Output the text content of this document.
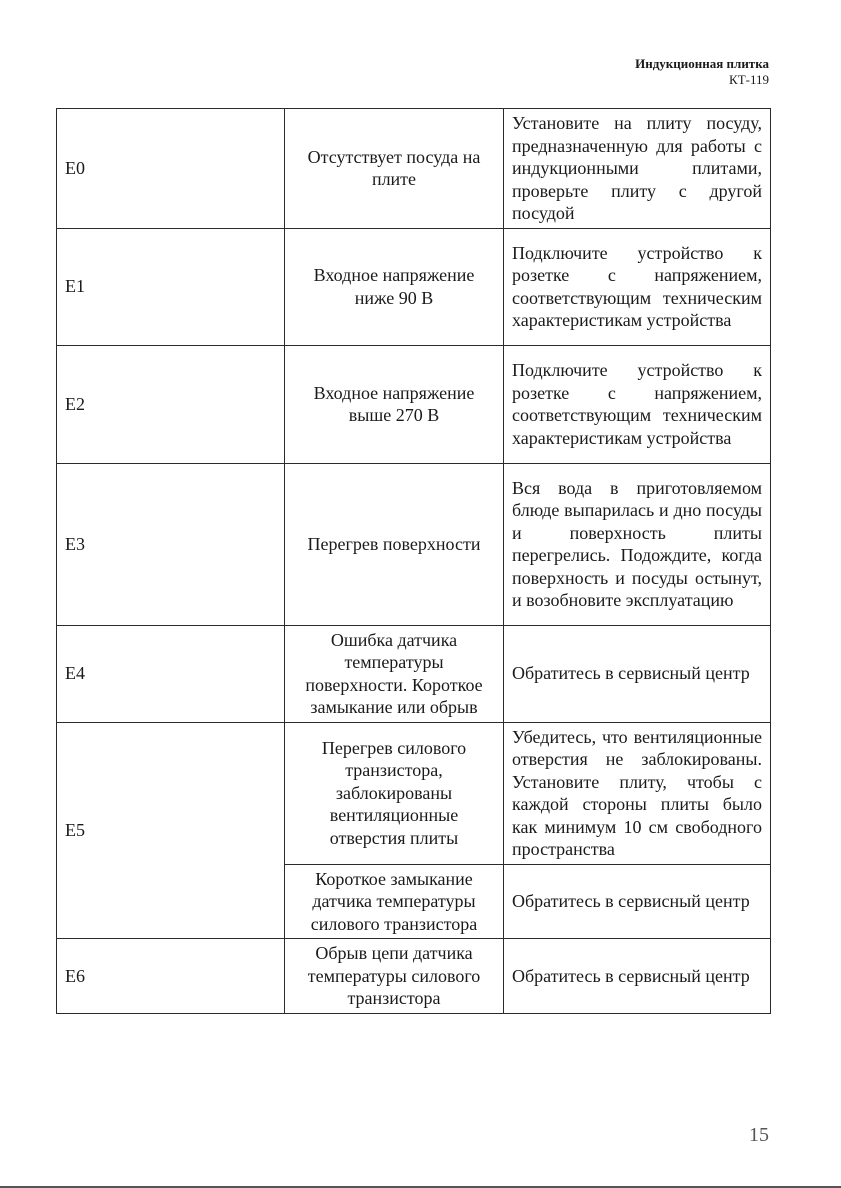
Индукционная плитка
КТ-119
E0	Отсутствует посуда на плите	Установите на плиту посуду, предназначенную для работы с индукционными плитами, проверьте плиту с другой посудой
E1	Входное напряжение ниже 90 В	Подключите устройство к розетке с напряжением, соответствующим техническим характеристикам устройства
E2	Входное напряжение выше 270 В	Подключите устройство к розетке с напряжением, соответствующим техническим характеристикам устройства
E3	Перегрев поверхности	Вся вода в приготовляемом блюде выпарилась и дно посуды и поверхность плиты перегрелись. Подождите, когда поверхность и посуды остынут, и возобновите эксплуатацию
E4	Ошибка датчика температуры поверхности. Короткое замыкание или обрыв	Обратитесь в сервисный центр
E5	Перегрев силового транзистора, заблокированы вентиляционные отверстия плиты	Убедитесь, что вентиляционные отверстия не заблокированы. Установите плиту, чтобы с каждой стороны плиты было как минимум 10 см свободного пространства
	Короткое замыкание датчика температуры силового транзистора	Обратитесь в сервисный центр
E6	Обрыв цепи датчика температуры силового транзистора	Обратитесь в сервисный центр
15
